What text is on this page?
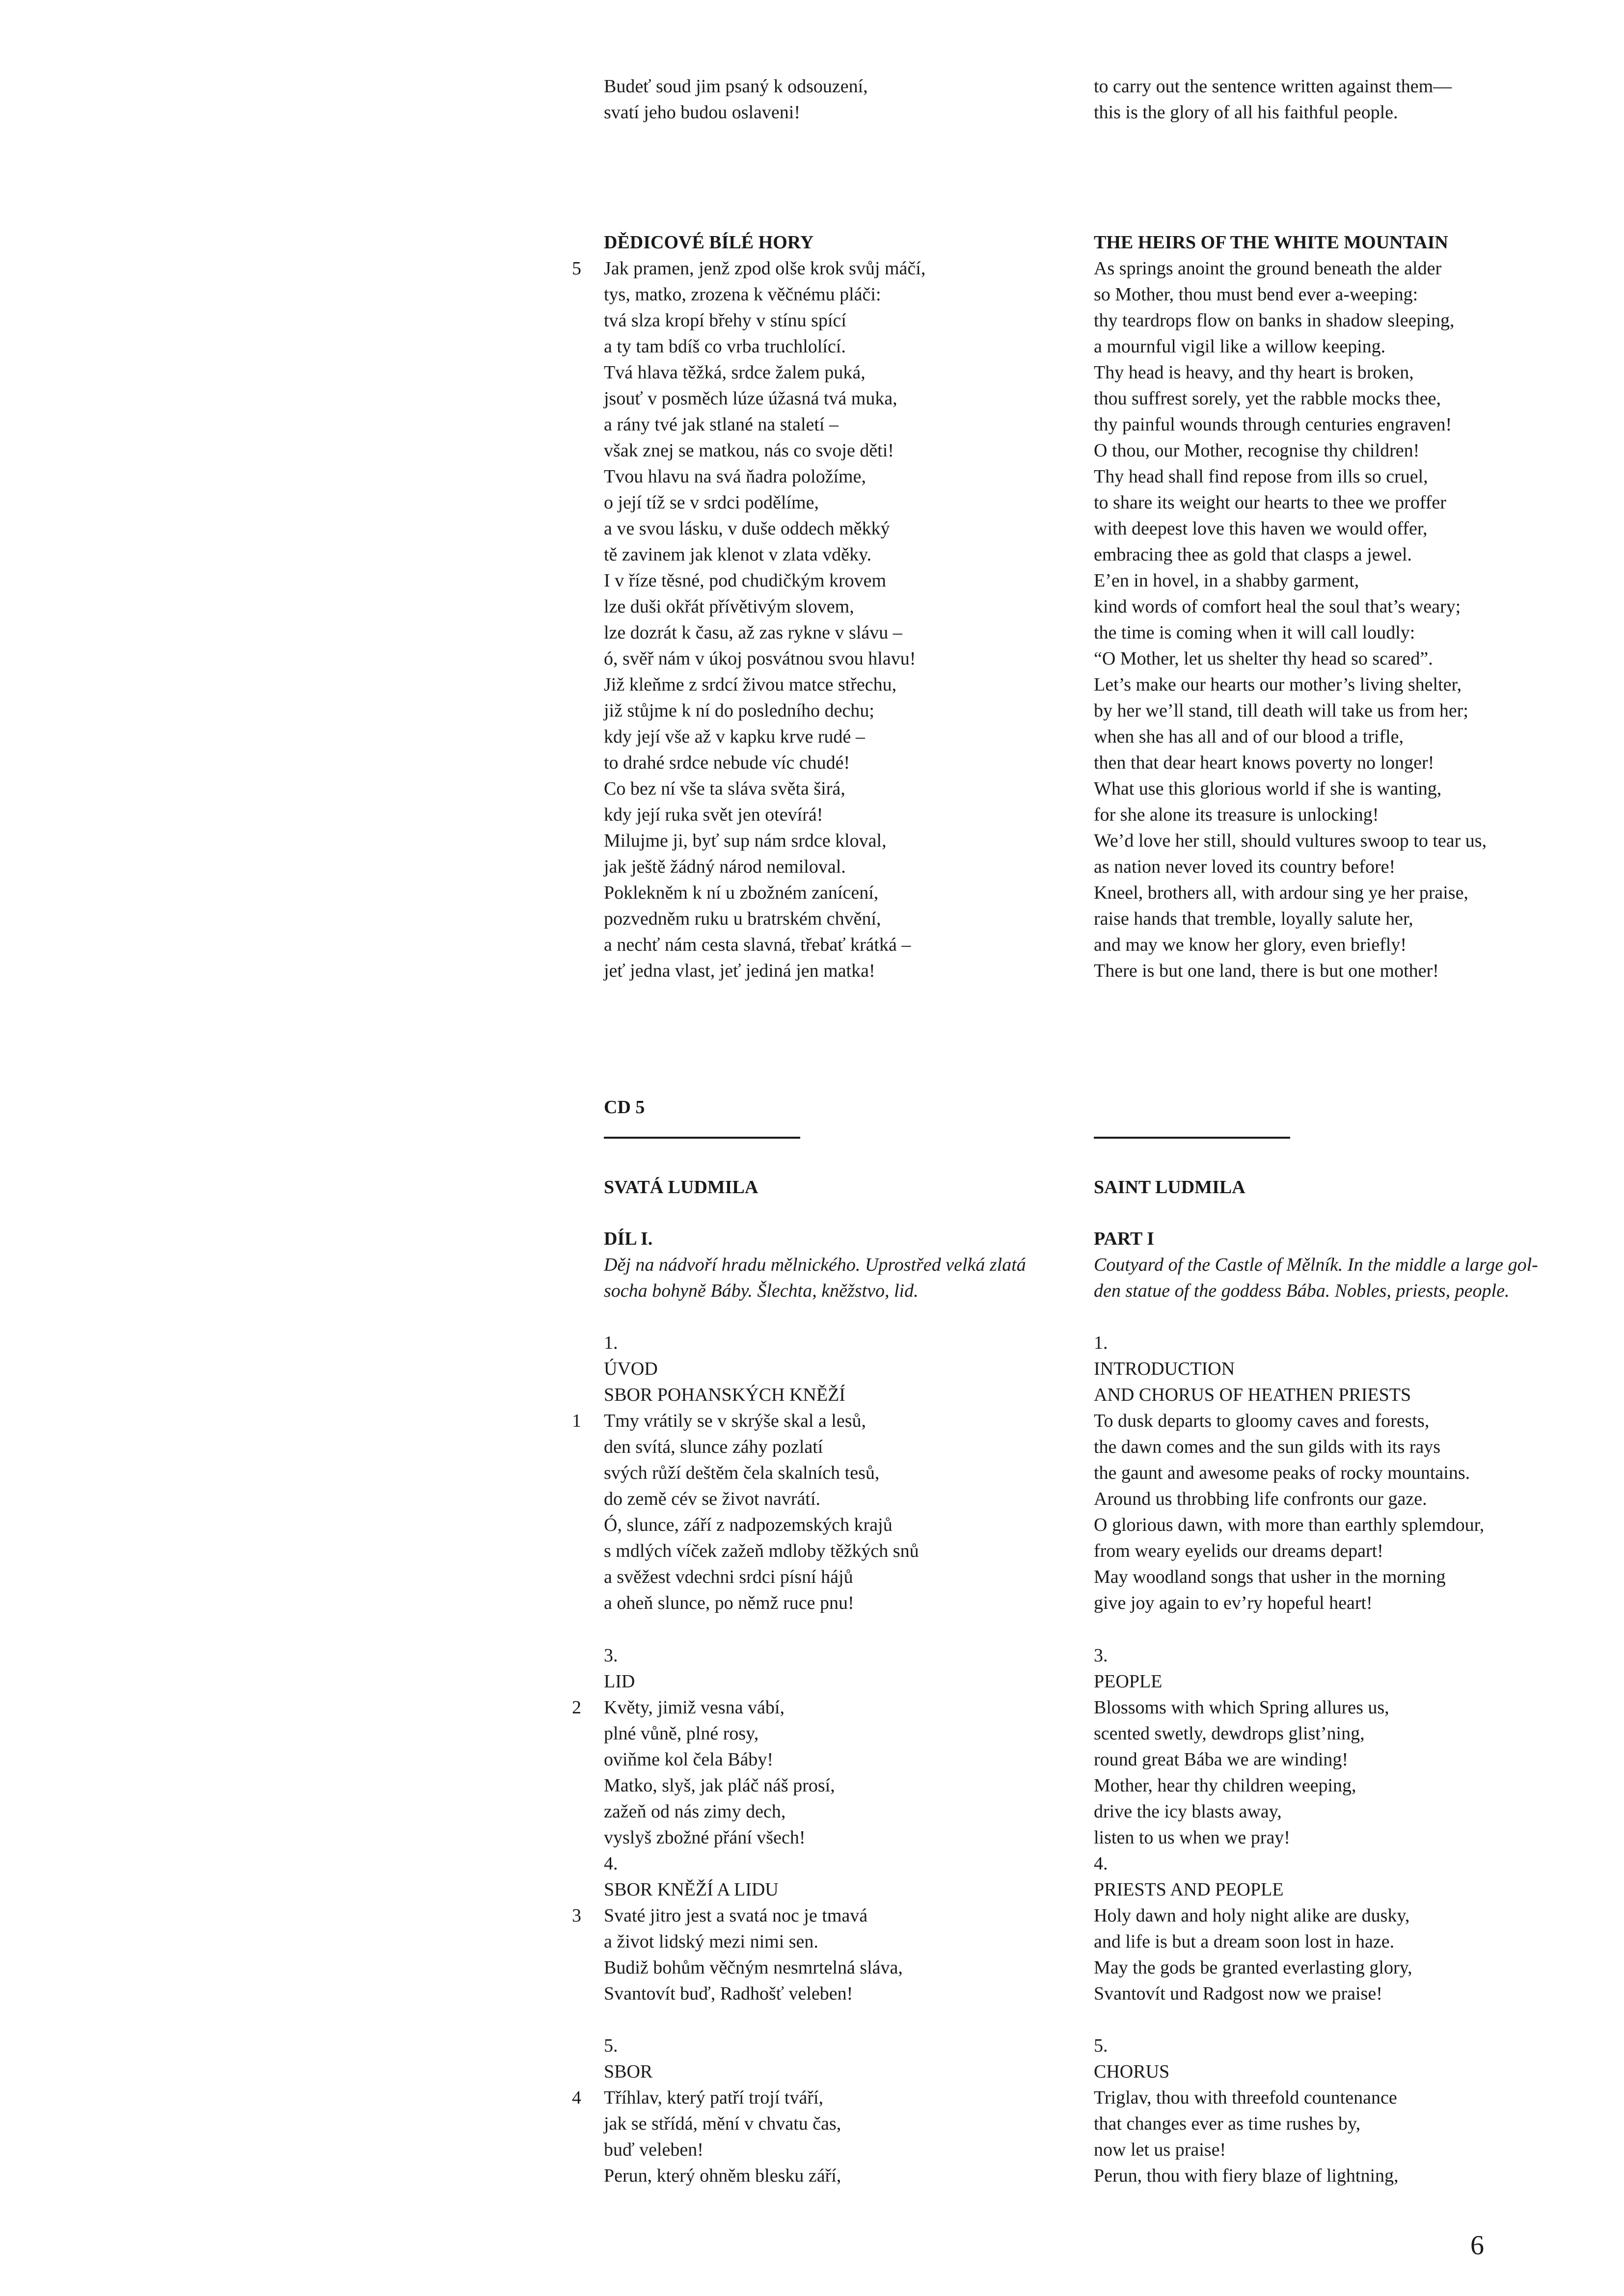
Budeť soud jim psaný k odsouzení,
svatí jeho budou oslaveni!
DĚDICOVÉ BÍLÉ HORY
Jak pramen, jenž zpod olše krok svůj máčí,
tys, matko, zrozena k věčnému pláči:
tvá slza kropí břehy v stínu spící
a ty tam bdíš co vrba truchlolící.
Tvá hlava těžká, srdce žalem puká,
jsouť v posměch lúze úžasná tvá muka,
a rány tvé jak stlané na staletí –
však znej se matkou, nás co svoje děti!
Tvou hlavu na svá ňadra položíme,
o její tíž se v srdci podělíme,
a ve svou lásku, v duše oddech měkký
tě zavinem jak klenot v zlata vděky.
I v říze těsné, pod chudičkým krovem
lze duši okřát přívětivým slovem,
lze dozrát k času, až zas rykne v slávu –
ó, svěř nám v úkoj posvátnou svou hlavu!
Již kleňme z srdcí živou matce střechu,
již stůjme k ní do posledního dechu;
kdy její vše až v kapku krve rudé –
to drahé srdce nebude víc chudé!
Co bez ní vše ta sláva světa širá,
kdy její ruka svět jen otevírá!
Milujme ji, byť sup nám srdce kloval,
jak ještě žádný národ nemiloval.
Poklekněm k ní u zbožném zanícení,
pozvedněm ruku u bratrském chvění,
a nechť nám cesta slavná, třebať krátká –
jeť jedna vlast, jeť jediná jen matka!
CD 5
SVATÁ LUDMILA
DÍL I.
Děj na nádvoří hradu mělnického. Uprostřed velká zlatá
socha bohyně Báby. Šlechta, kněžstvo, lid.
1.
ÚVOD
SBOR POHANSKÝCH KNĚŽÍ
Tmy vrátily se v skrýše skal a lesů,
den svítá, slunce záhy pozlatí
svých růží deštěm čela skalních tesů,
do země cév se život navrátí.
Ó, slunce, září z nadpozemských krajů
s mdlých víček zažeň mdloby těžkých snů
a svěžest vdechni srdci písní hájů
a oheň slunce, po němž ruce pnu!
3.
LID
Květy, jimiž vesna vábí,
plné vůně, plné rosy,
oviňme kol čela Báby!
Matko, slyš, jak pláč náš prosí,
zažeň od nás zimy dech,
vyslyš zbožné přání všech!
4.
SBOR KNĚŽÍ A LIDU
Svaté jitro jest a svatá noc je tmavá
a život lidský mezi nimi sen.
Budiž bohům věčným nesmrtelná sláva,
Svantovít buď, Radhošť veleben!
5.
SBOR
Tříhlav, který patří trojí tváří,
jak se střídá, mění v chvatu čas,
buď veleben!
Perun, který ohněm blesku září,
to carry out the sentence written against them—
this is the glory of all his faithful people.
THE HEIRS OF THE WHITE MOUNTAIN
As springs anoint the ground beneath the alder
so Mother, thou must bend ever a-weeping:
thy teardrops flow on banks in shadow sleeping,
a mournful vigil like a willow keeping.
Thy head is heavy, and thy heart is broken,
thou suffrest sorely, yet the rabble mocks thee,
thy painful wounds through centuries engraven!
O thou, our Mother, recognise thy children!
Thy head shall find repose from ills so cruel,
to share its weight our hearts to thee we proffer
with deepest love this haven we would offer,
embracing thee as gold that clasps a jewel.
E’en in hovel, in a shabby garment,
kind words of comfort heal the soul that’s weary;
the time is coming when it will call loudly:
“O Mother, let us shelter thy head so scared”.
Let’s make our hearts our mother’s living shelter,
by her we’ll stand, till death will take us from her;
when she has all and of our blood a trifle,
then that dear heart knows poverty no longer!
What use this glorious world if she is wanting,
for she alone its treasure is unlocking!
We’d love her still, should vultures swoop to tear us,
as nation never loved its country before!
Kneel, brothers all, with ardour sing ye her praise,
raise hands that tremble, loyally salute her,
and may we know her glory, even briefly!
There is but one land, there is but one mother!
SAINT LUDMILA
PART I
Coutyard of the Castle of Mělník. In the middle a large gol-
den statue of the goddess Bába. Nobles, priests, people.
1.
INTRODUCTION
AND CHORUS OF HEATHEN PRIESTS
To dusk departs to gloomy caves and forests,
the dawn comes and the sun gilds with its rays
the gaunt and awesome peaks of rocky mountains.
Around us throbbing life confronts our gaze.
O glorious dawn, with more than earthly splemdour,
from weary eyelids our dreams depart!
May woodland songs that usher in the morning
give joy again to ev’ry hopeful heart!
3.
PEOPLE
Blossoms with which Spring allures us,
scented swetly, dewdrops glist’ning,
round great Bába we are winding!
Mother, hear thy children weeping,
drive the icy blasts away,
listen to us when we pray!
4.
PRIESTS AND PEOPLE
Holy dawn and holy night alike are dusky,
and life is but a dream soon lost in haze.
May the gods be granted everlasting glory,
Svantovít und Radgost now we praise!
5.
CHORUS
Triglav, thou with threefold countenance
that changes ever as time rushes by,
now let us praise!
Perun, thou with fiery blaze of lightning,
5
1
2
3
4
6
